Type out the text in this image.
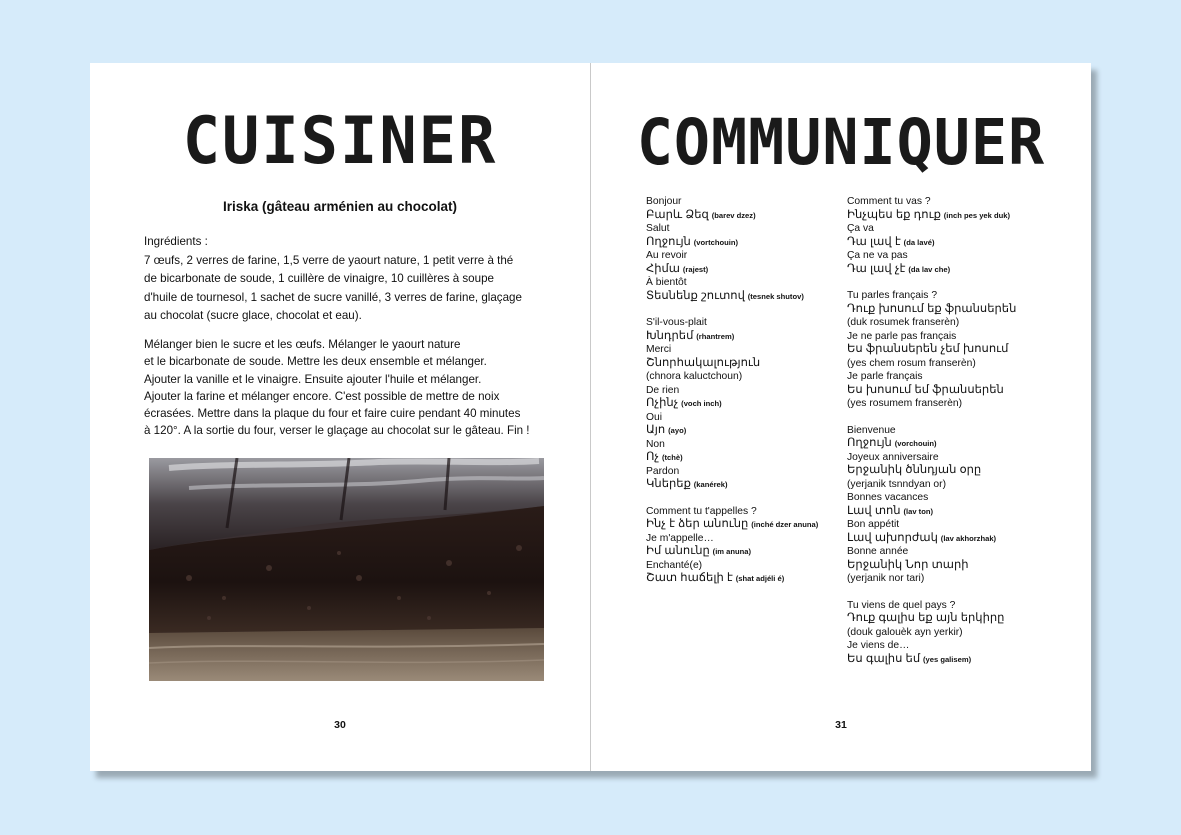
CUISINER
Iriska (gâteau arménien au chocolat)
Ingrédients :
7 œufs, 2 verres de farine, 1,5 verre de yaourt nature, 1 petit verre à thé
de bicarbonate de soude, 1 cuillère de vinaigre, 10 cuillères à soupe
d'huile de tournesol, 1 sachet de sucre vanillé, 3 verres de farine, glaçage
au chocolat (sucre glace, chocolat et eau).
Mélanger bien le sucre et les œufs. Mélanger le yaourt nature
et le bicarbonate de soude. Mettre les deux ensemble et mélanger.
Ajouter la vanille et le vinaigre. Ensuite ajouter l'huile et mélanger.
Ajouter la farine et mélanger encore. C'est possible de mettre de noix
écrasées. Mettre dans la plaque du four et faire cuire pendant 40 minutes
à 120°. A la sortie du four, verser le glaçage au chocolat sur le gâteau. Fin !
30
COMMUNIQUER
Bonjour
Բարև Ձեզ (barev dzez)
Salut
Ողջույն (vortchouin)
Au revoir
Հիմա (rajest)
À bientôt
Տեսնենք շուտով (tesnek shutov)
S'il-vous-plait
Խնդրեմ (rhantrem)
Merci
Շնորհակալություն
(chnora kaluctchoun)
De rien
Ոչինչ (voch inch)
Oui
Այո (ayo)
Non
Ոչ (tchè)
Pardon
Կներեք (kanérek)
Comment tu t'appelles ?
Ինչ է ձեր անունը (inché dzer anuna)
Je m'appelle…
Իմ անունը (im anuna)
Enchanté(e)
Շատ հաճելի է (shat adjéli é)
Comment tu vas ?
Ինչպես եք դուք (inch pes yek duk)
Ça va
Դա լավ է (da lavé)
Ça ne va pas
Դա լավ չէ (da lav che)
Tu parles français ?
Դուք խոսում եք ֆրանսերեն
(duk rosumek franserèn)
Je ne parle pas français
Ես ֆրանսերեն չեմ խոսում
(yes chem rosum franserèn)
Je parle français
Ես խոսում եմ ֆրանսերեն
(yes rosumem franserèn)
Bienvenue
Ողջույն (vorchouin)
Joyeux anniversaire
Երջանիկ ծննդյան օրը
(yerjanik tsnndyan or)
Bonnes vacances
Լավ տոն (lav ton)
Bon appétit
Լավ ախորժակ (lav akhorzhak)
Bonne année
Երջանիկ Նոր տարի
(yerjanik nor tari)
Tu viens de quel pays ?
Դուք գալիս եք այն երկիրը
(douk galouèk ayn yerkir)
Je viens de…
Ես գալիս եմ (yes galisem)
31
